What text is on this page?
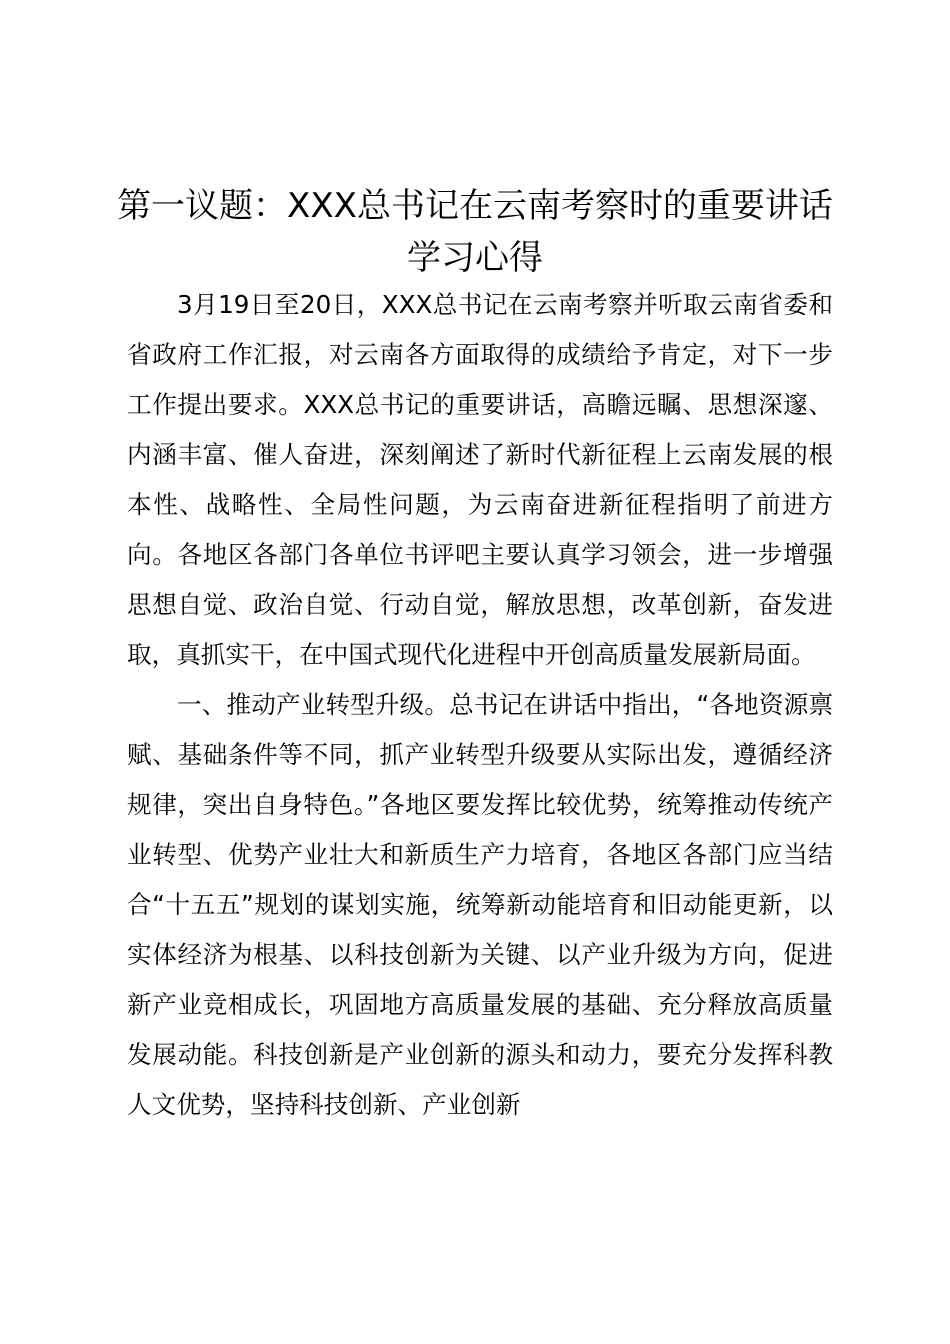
第一议题：XXX总书记在云南考察时的重要讲话学习心得

3月19日至20日，XXX总书记在云南考察并听取云南省委和省政府工作汇报，对云南各方面取得的成绩给予肯定，对下一步工作提出要求。XXX总书记的重要讲话，高瞻远瞩、思想深邃、内涵丰富、催人奋进，深刻阐述了新时代新征程上云南发展的根本性、战略性、全局性问题，为云南奋进新征程指明了前进方向。各地区各部门各单位书评吧主要认真学习领会，进一步增强思想自觉、政治自觉、行动自觉，解放思想，改革创新，奋发进取，真抓实干，在中国式现代化进程中开创高质量发展新局面。

一、推动产业转型升级。总书记在讲话中指出，“各地资源禀赋、基础条件等不同，抓产业转型升级要从实际出发，遵循经济规律，突出自身特色。”各地区要发挥比较优势，统筹推动传统产业转型、优势产业壮大和新质生产力培育，各地区各部门应当结合“十五五”规划的谋划实施，统筹新动能培育和旧动能更新，以实体经济为根基、以科技创新为关键、以产业升级为方向，促进新产业竞相成长，巩固地方高质量发展的基础、充分释放高质量发展动能。科技创新是产业创新的源头和动力，要充分发挥科教人文优势，坚持科技创新、产业创新
